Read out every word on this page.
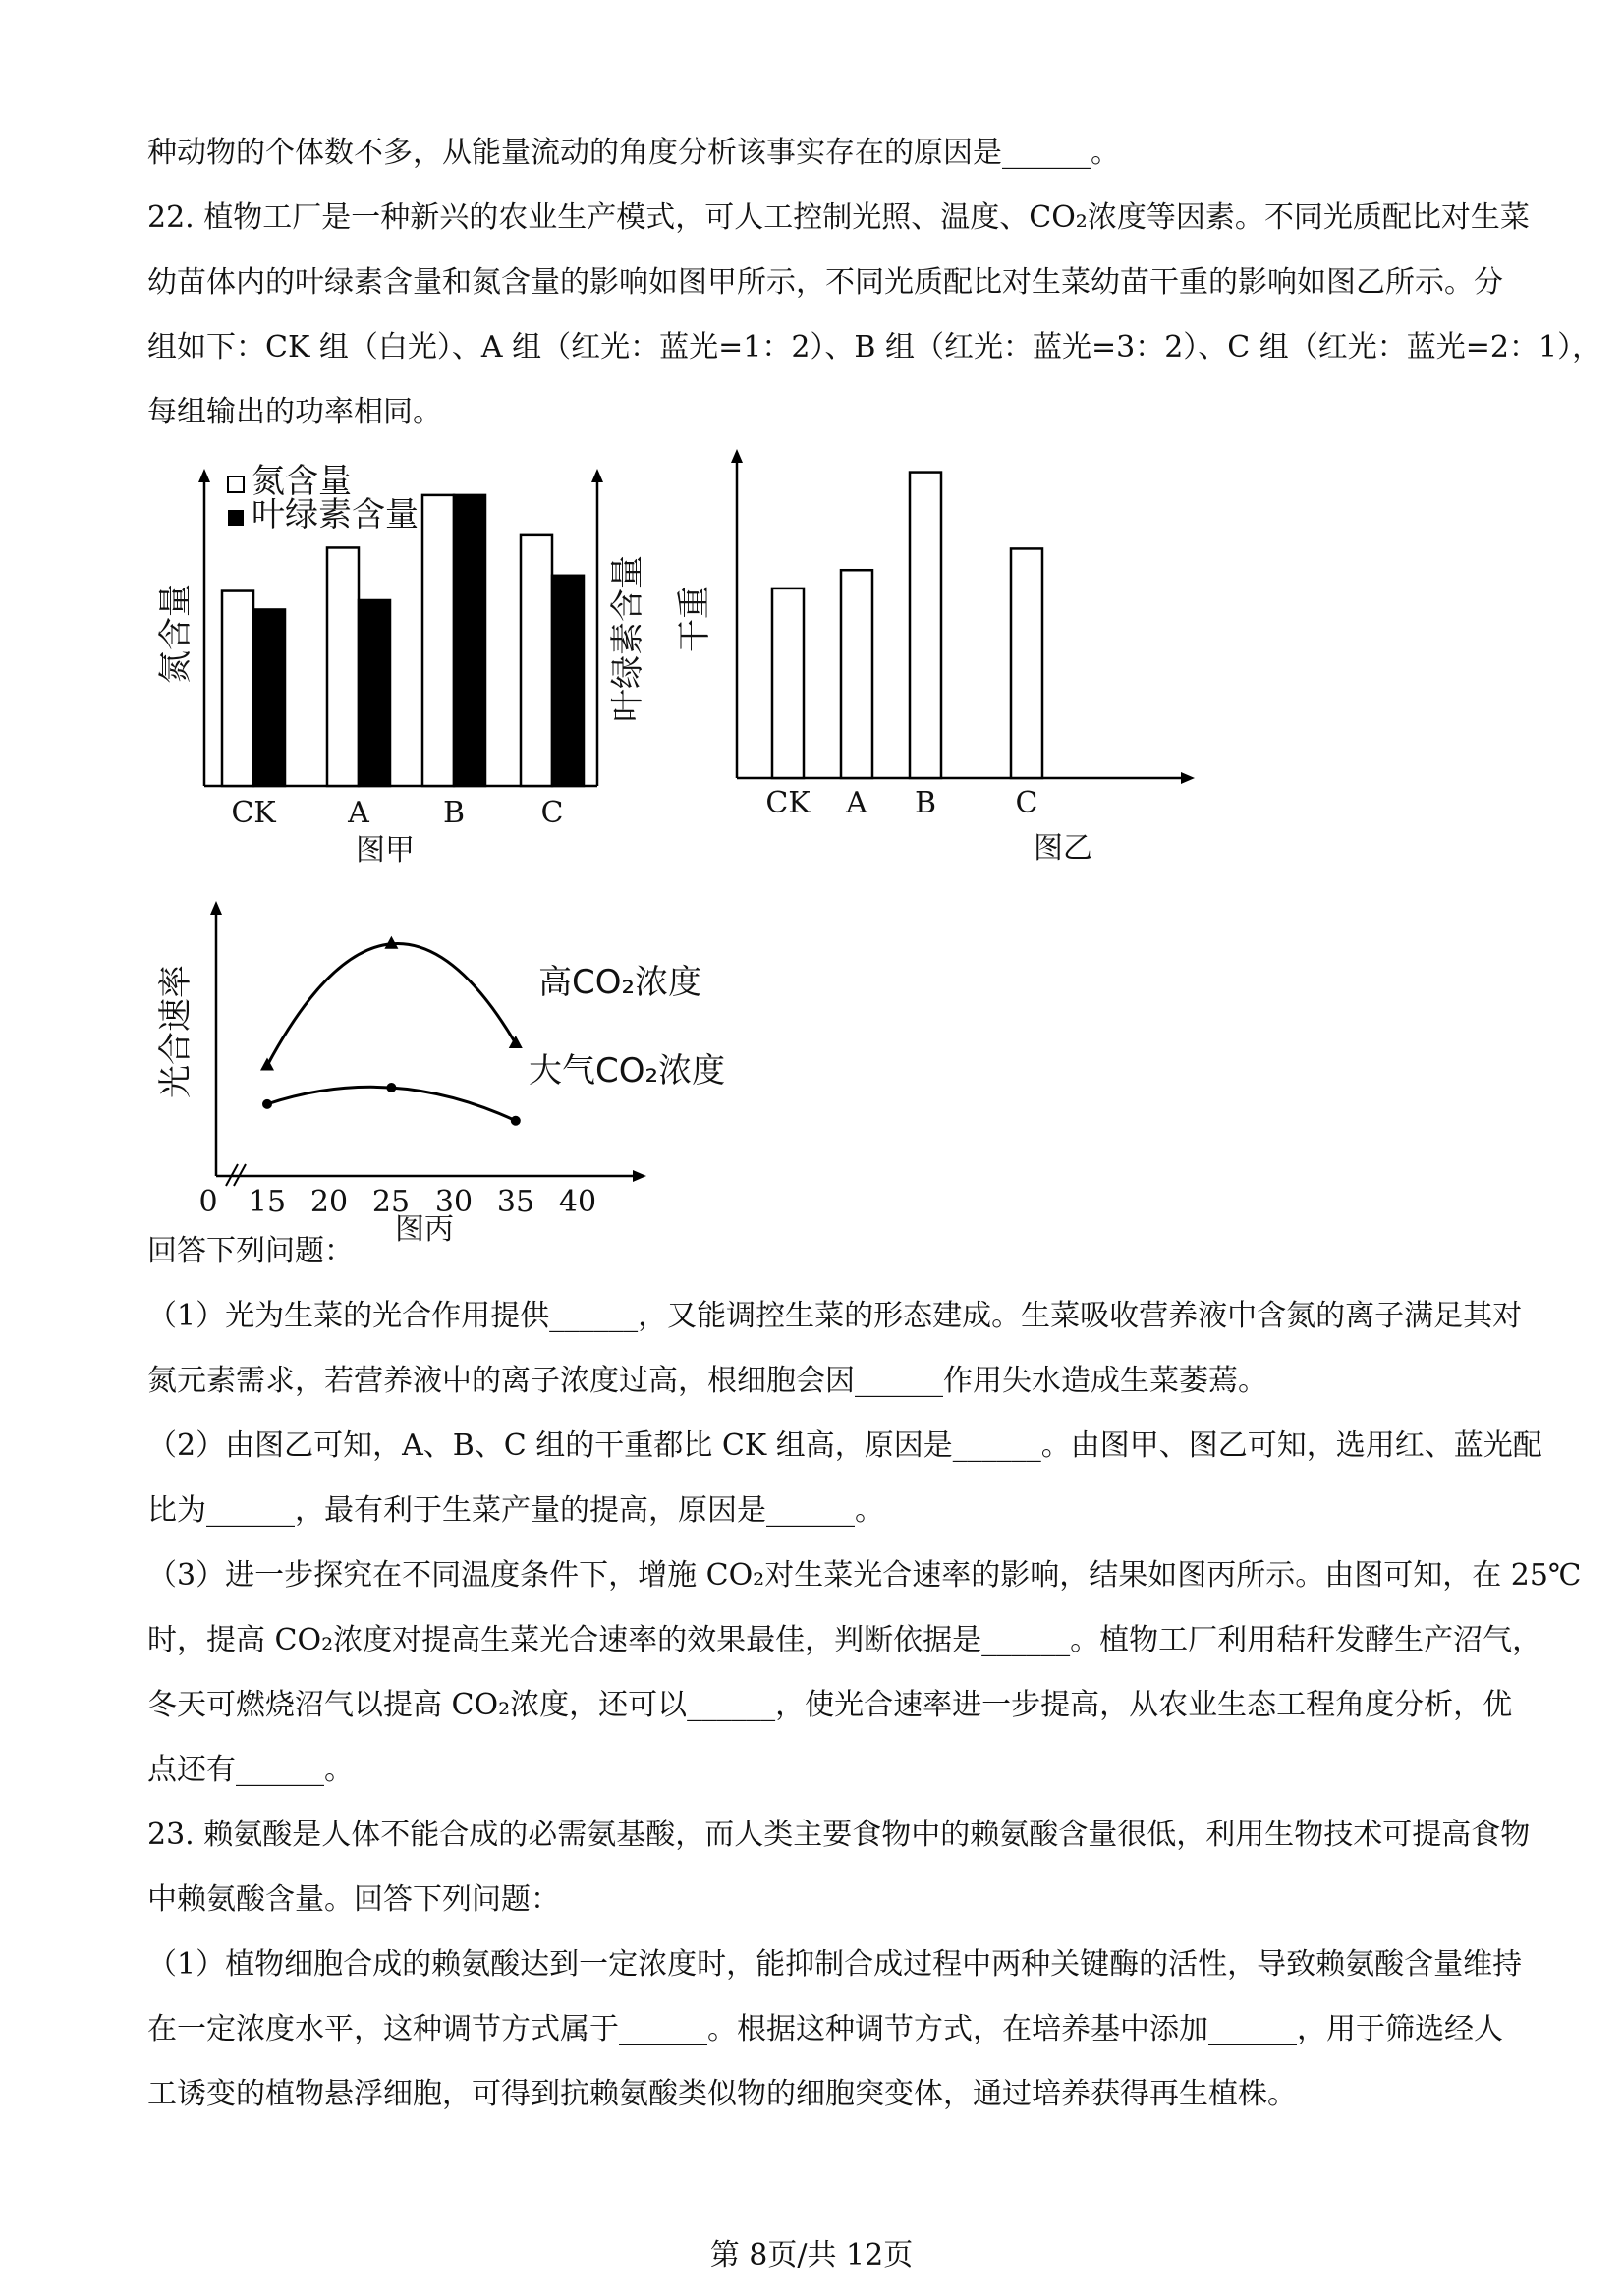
种动物的个体数不多，从能量流动的角度分析该事实存在的原因是______。
22. 植物工厂是一种新兴的农业生产模式，可人工控制光照、温度、CO₂浓度等因素。不同光质配比对生菜
幼苗体内的叶绿素含量和氮含量的影响如图甲所示，不同光质配比对生菜幼苗干重的影响如图乙所示。分
组如下：CK 组（白光）、A 组（红光：蓝光=1：2）、B 组（红光：蓝光=3：2）、C 组（红光：蓝光=2：1），
每组输出的功率相同。
氮含量
叶绿素含量
氮含量	叶绿素含量
CK A	B	C
图甲
干重
CK A B	C
图乙
光合速率
0 15 20 25 30 35 40
高CO₂浓度
大气CO₂浓度
图丙
回答下列问题：
（1）光为生菜的光合作用提供______，又能调控生菜的形态建成。生菜吸收营养液中含氮的离子满足其对
氮元素需求，若营养液中的离子浓度过高，根细胞会因______作用失水造成生菜萎蔫。
（2）由图乙可知，A、B、C 组的干重都比 CK 组高，原因是______。由图甲、图乙可知，选用红、蓝光配
比为______，最有利于生菜产量的提高，原因是______。
（3）进一步探究在不同温度条件下，增施 CO₂对生菜光合速率的影响，结果如图丙所示。由图可知，在 25℃
时，提高 CO₂浓度对提高生菜光合速率的效果最佳，判断依据是______。植物工厂利用秸秆发酵生产沼气，
冬天可燃烧沼气以提高 CO₂浓度，还可以______，使光合速率进一步提高，从农业生态工程角度分析，优
点还有______。
23. 赖氨酸是人体不能合成的必需氨基酸，而人类主要食物中的赖氨酸含量很低，利用生物技术可提高食物
中赖氨酸含量。回答下列问题：
（1）植物细胞合成的赖氨酸达到一定浓度时，能抑制合成过程中两种关键酶的活性，导致赖氨酸含量维持
在一定浓度水平，这种调节方式属于______。根据这种调节方式，在培养基中添加______，用于筛选经人
工诱变的植物悬浮细胞，可得到抗赖氨酸类似物的细胞突变体，通过培养获得再生植株。
第 8页/共 12页
